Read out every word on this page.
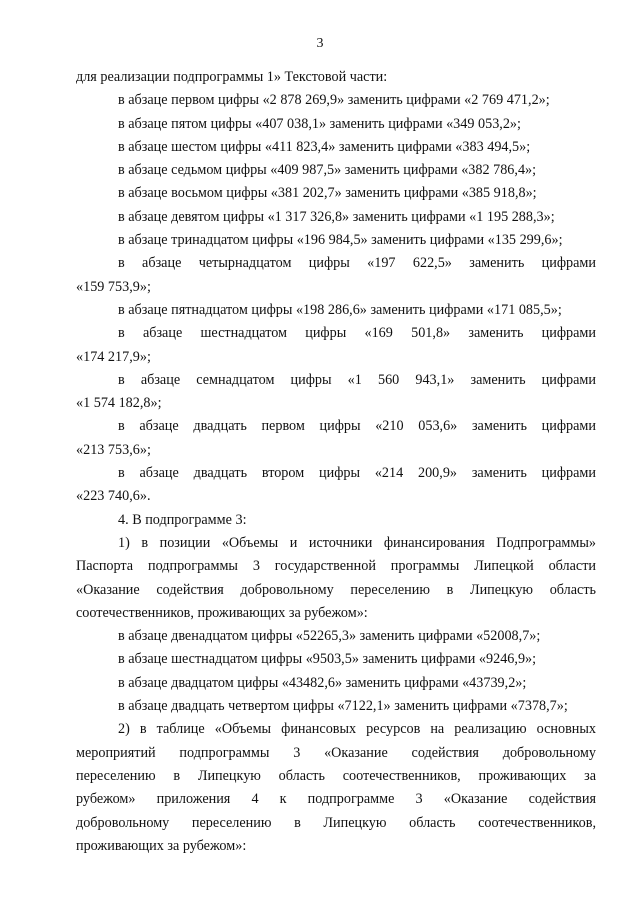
3
для реализации подпрограммы 1» Текстовой части:
в абзаце первом цифры «2 878 269,9» заменить цифрами «2 769 471,2»;
в абзаце пятом цифры «407 038,1» заменить цифрами «349 053,2»;
в абзаце шестом цифры «411 823,4» заменить цифрами «383 494,5»;
в абзаце седьмом цифры «409 987,5» заменить цифрами «382 786,4»;
в абзаце восьмом цифры «381 202,7» заменить цифрами «385 918,8»;
в абзаце девятом цифры «1 317 326,8» заменить цифрами «1 195 288,3»;
в абзаце тринадцатом цифры «196 984,5» заменить цифрами «135 299,6»;
в абзаце четырнадцатом цифры «197 622,5» заменить цифрами
«159 753,9»;
в абзаце пятнадцатом цифры «198 286,6» заменить цифрами «171 085,5»;
в абзаце шестнадцатом цифры «169 501,8» заменить цифрами
«174 217,9»;
в абзаце семнадцатом цифры «1 560 943,1» заменить цифрами
«1 574 182,8»;
в абзаце двадцать первом цифры «210 053,6» заменить цифрами
«213 753,6»;
в абзаце двадцать втором цифры «214 200,9» заменить цифрами
«223 740,6».
4. В подпрограмме 3:
1) в позиции «Объемы и источники финансирования Подпрограммы»
Паспорта подпрограммы 3 государственной программы Липецкой области
«Оказание содействия добровольному переселению в Липецкую область
соотечественников, проживающих за рубежом»:
в абзаце двенадцатом цифры «52265,3» заменить цифрами «52008,7»;
в абзаце шестнадцатом цифры «9503,5» заменить цифрами «9246,9»;
в абзаце двадцатом цифры «43482,6» заменить цифрами «43739,2»;
в абзаце двадцать четвертом цифры «7122,1» заменить цифрами «7378,7»;
2) в таблице «Объемы финансовых ресурсов на реализацию основных
мероприятий подпрограммы 3 «Оказание содействия добровольному
переселению в Липецкую область соотечественников, проживающих за
рубежом» приложения 4 к подпрограмме 3 «Оказание содействия
добровольному переселению в Липецкую область соотечественников,
проживающих за рубежом»:
